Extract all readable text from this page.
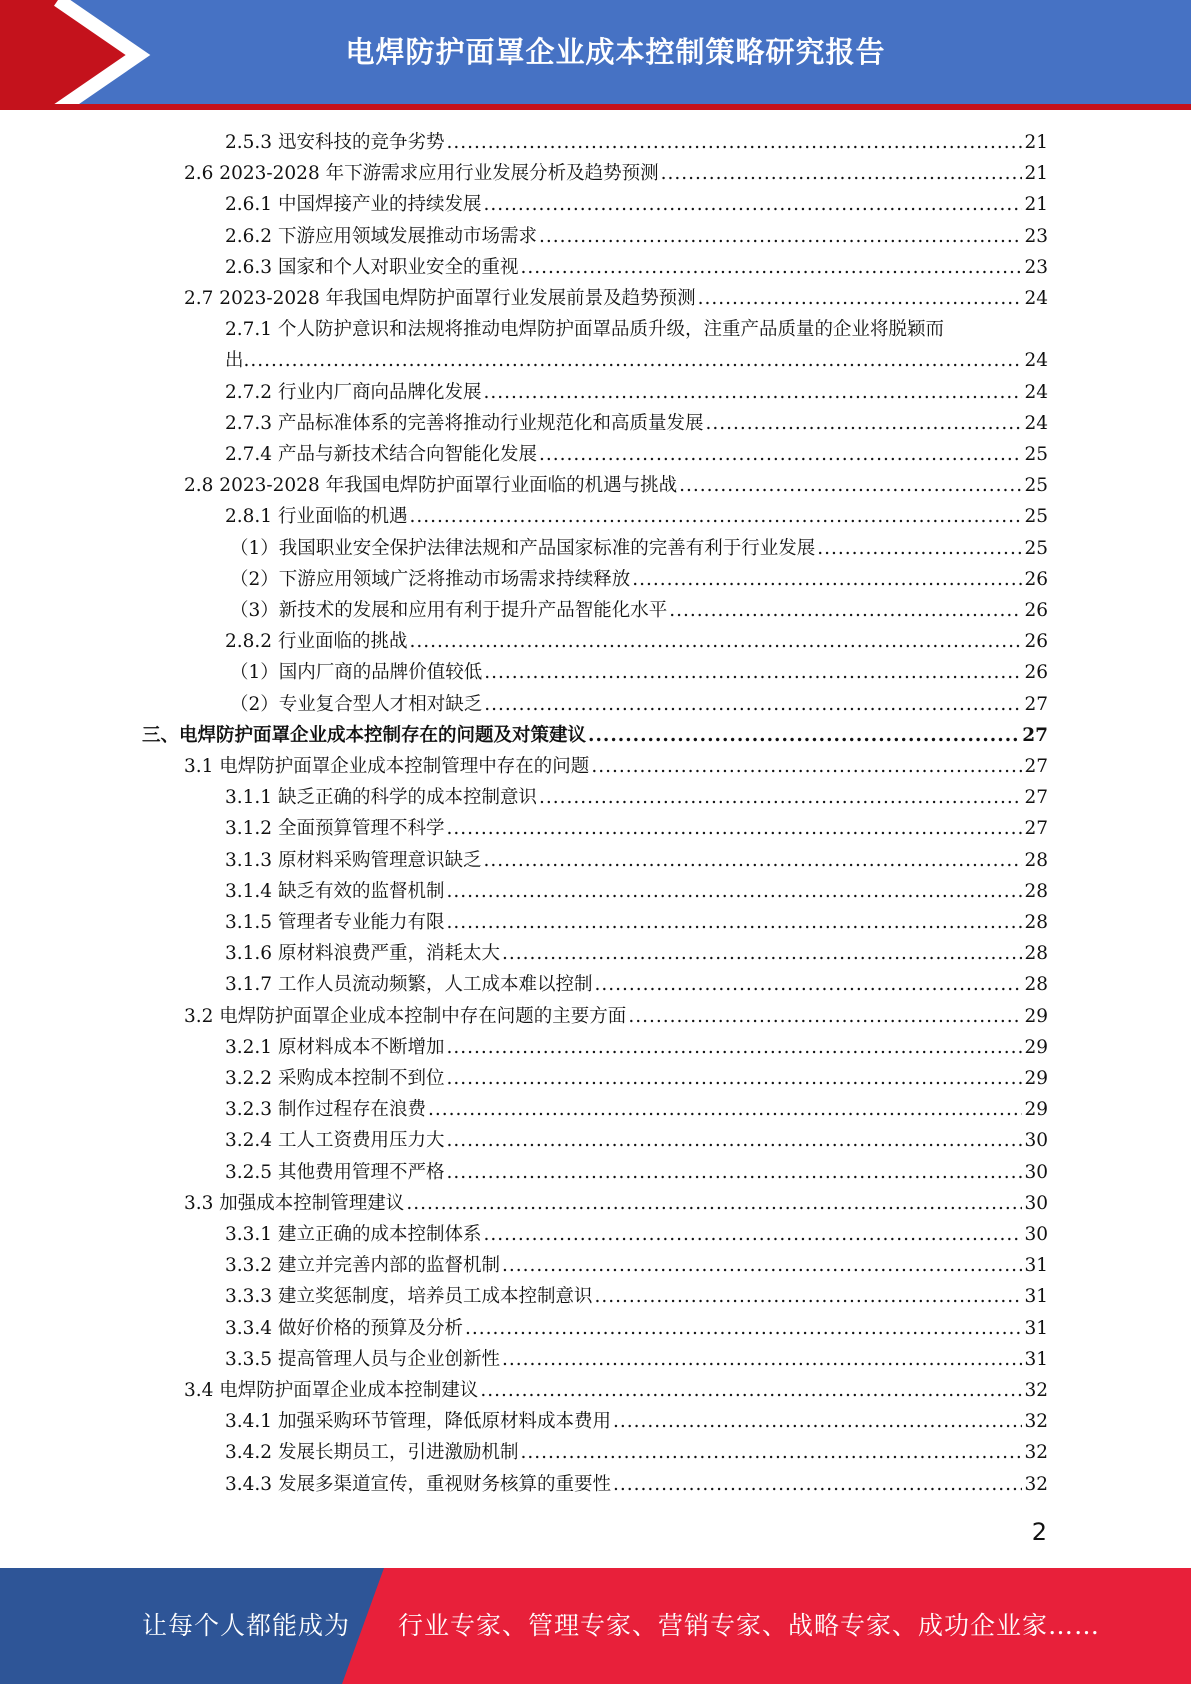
电焊防护面罩企业成本控制策略研究报告
2.5.3 迅安科技的竞争劣势 .....	21
2.6 2023-2028 年下游需求应用行业发展分析及趋势预测 .....	21
2.6.1 中国焊接产业的持续发展 .....	21
2.6.2 下游应用领域发展推动市场需求 .....	23
2.6.3 国家和个人对职业安全的重视 .....	23
2.7 2023-2028 年我国电焊防护面罩行业发展前景及趋势预测 .....	24
2.7.1 个人防护意识和法规将推动电焊防护面罩品质升级，注重产品质量的企业将脱颖而
出 .....	24
2.7.2 行业内厂商向品牌化发展 .....	24
2.7.3 产品标准体系的完善将推动行业规范化和高质量发展 .....	24
2.7.4 产品与新技术结合向智能化发展 .....	25
2.8 2023-2028 年我国电焊防护面罩行业面临的机遇与挑战 .....	25
2.8.1 行业面临的机遇 .....	25
（1）我国职业安全保护法律法规和产品国家标准的完善有利于行业发展 .....	25
（2）下游应用领域广泛将推动市场需求持续释放 .....	26
（3）新技术的发展和应用有利于提升产品智能化水平 .....	26
2.8.2 行业面临的挑战 .....	26
（1）国内厂商的品牌价值较低 .....	26
（2）专业复合型人才相对缺乏 .....	27
三、电焊防护面罩企业成本控制存在的问题及对策建议 .....	27
3.1 电焊防护面罩企业成本控制管理中存在的问题 .....	27
3.1.1 缺乏正确的科学的成本控制意识 .....	27
3.1.2 全面预算管理不科学 .....	27
3.1.3 原材料采购管理意识缺乏 .....	28
3.1.4 缺乏有效的监督机制 .....	28
3.1.5 管理者专业能力有限 .....	28
3.1.6 原材料浪费严重，消耗太大 .....	28
3.1.7 工作人员流动频繁，人工成本难以控制 .....	28
3.2 电焊防护面罩企业成本控制中存在问题的主要方面 .....	29
3.2.1 原材料成本不断增加 .....	29
3.2.2 采购成本控制不到位 .....	29
3.2.3 制作过程存在浪费 .....	29
3.2.4 工人工资费用压力大 .....	30
3.2.5 其他费用管理不严格 .....	30
3.3 加强成本控制管理建议 .....	30
3.3.1 建立正确的成本控制体系 .....	30
3.3.2 建立并完善内部的监督机制 .....	31
3.3.3 建立奖惩制度，培养员工成本控制意识 .....	31
3.3.4 做好价格的预算及分析 .....	31
3.3.5 提高管理人员与企业创新性 .....	31
3.4 电焊防护面罩企业成本控制建议 .....	32
3.4.1 加强采购环节管理，降低原材料成本费用 .....	32
3.4.2 发展长期员工，引进激励机制 .....	32
3.4.3 发展多渠道宣传，重视财务核算的重要性 .....	32
2
让每个人都能成为 行业专家、管理专家、营销专家、战略专家、成功企业家……
